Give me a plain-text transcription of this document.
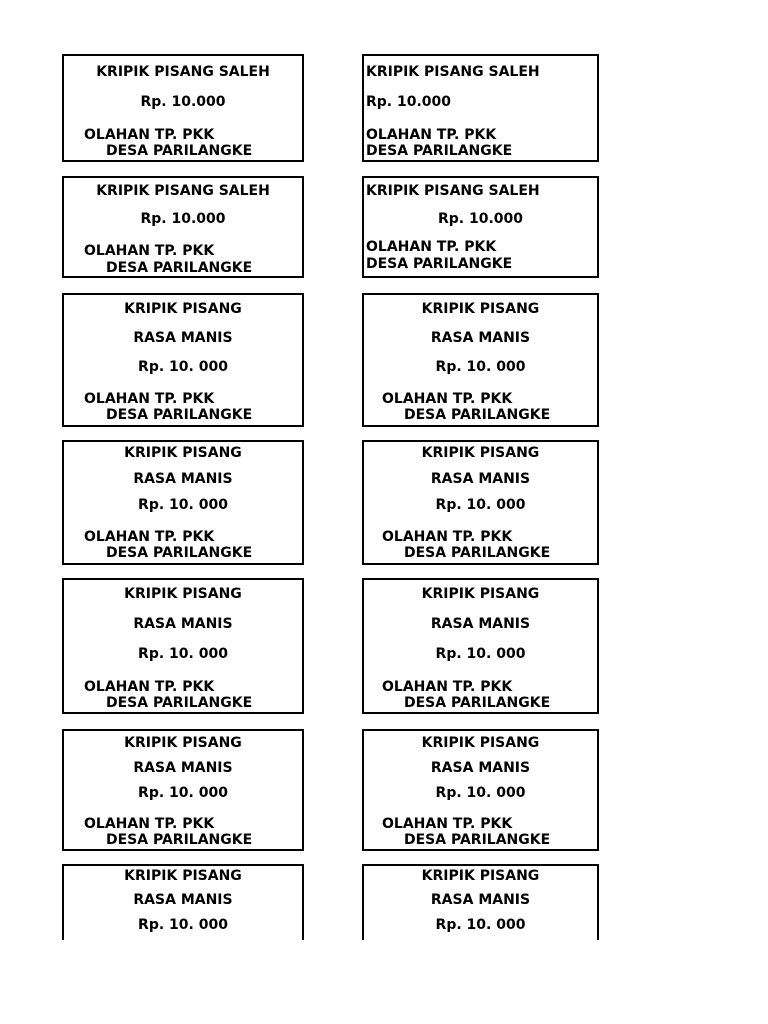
KRIPIK PISANG SALEH
Rp. 10.000
OLAHAN TP. PKK
DESA PARILANGKE
KRIPIK PISANG SALEH
Rp. 10.000
OLAHAN TP. PKK
DESA PARILANGKE
KRIPIK PISANG SALEH
Rp. 10.000
OLAHAN TP. PKK
DESA PARILANGKE
KRIPIK PISANG SALEH
Rp. 10.000
OLAHAN TP. PKK
DESA PARILANGKE
KRIPIK PISANG
RASA MANIS
Rp. 10. 000
OLAHAN TP. PKK
DESA PARILANGKE
KRIPIK PISANG
RASA MANIS
Rp. 10. 000
OLAHAN TP. PKK
DESA PARILANGKE
KRIPIK PISANG
RASA MANIS
Rp. 10. 000
OLAHAN TP. PKK
DESA PARILANGKE
KRIPIK PISANG
RASA MANIS
Rp. 10. 000
OLAHAN TP. PKK
DESA PARILANGKE
KRIPIK PISANG
RASA MANIS
Rp. 10. 000
OLAHAN TP. PKK
DESA PARILANGKE
KRIPIK PISANG
RASA MANIS
Rp. 10. 000
OLAHAN TP. PKK
DESA PARILANGKE
KRIPIK PISANG
RASA MANIS
Rp. 10. 000
OLAHAN TP. PKK
DESA PARILANGKE
KRIPIK PISANG
RASA MANIS
Rp. 10. 000
OLAHAN TP. PKK
DESA PARILANGKE
KRIPIK PISANG
RASA MANIS
Rp. 10. 000
KRIPIK PISANG
RASA MANIS
Rp. 10. 000
